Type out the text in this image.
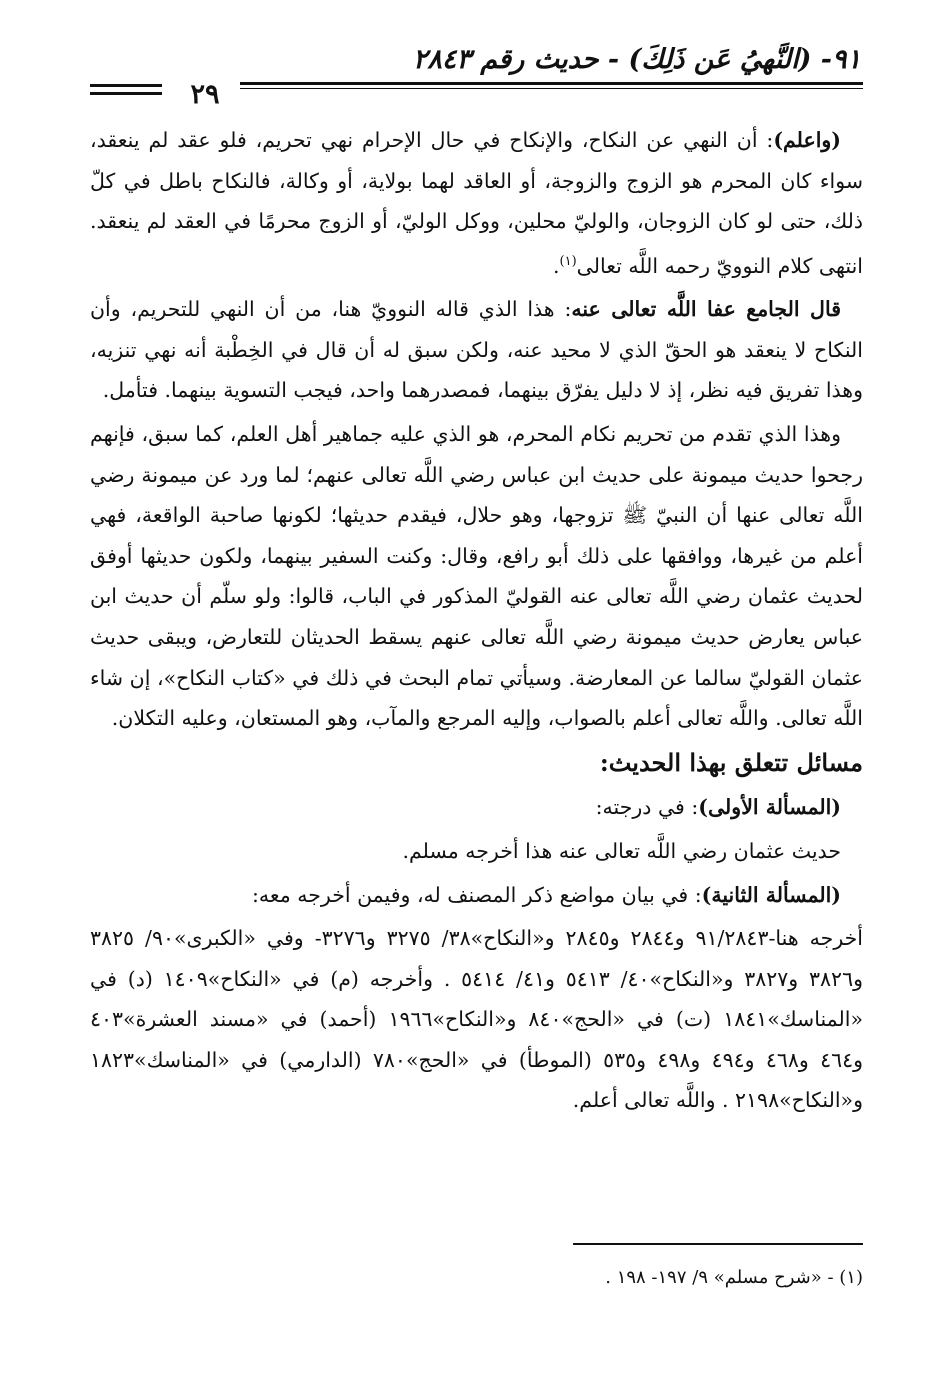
٩١- (النَّهيُ عَن ذَلِكَ) - حديث رقم ٢٨٤٣
٢٩

(واعلم): أن النهي عن النكاح، والإنكاح في حال الإحرام نهي تحريم، فلو عقد لم ينعقد، سواء كان المحرم هو الزوج والزوجة، أو العاقد لهما بولاية، أو وكالة، فالنكاح باطل في كلّ ذلك، حتى لو كان الزوجان، والوليّ محلين، ووكل الوليّ، أو الزوج محرمًا في العقد لم ينعقد. انتهى كلام النوويّ رحمه اللَّه تعالى$^{(١)}$.

قال الجامع عفا اللَّه تعالى عنه: هذا الذي قاله النوويّ هنا، من أن النهي للتحريم، وأن النكاح لا ينعقد هو الحقّ الذي لا محيد عنه، ولكن سبق له أن قال في الخِطْبة أنه نهي تنزيه، وهذا تفريق فيه نظر، إذ لا دليل يفرّق بينهما، فمصدرهما واحد، فيجب التسوية بينهما. فتأمل.

وهذا الذي تقدم من تحريم نكام المحرم، هو الذي عليه جماهير أهل العلم، كما سبق، فإنهم رجحوا حديث ميمونة على حديث ابن عباس رضي اللَّه تعالى عنهم؛ لما ورد عن ميمونة رضي اللَّه تعالى عنها أن النبيّ ﷺ تزوجها، وهو حلال، فيقدم حديثها؛ لكونها صاحبة الواقعة، فهي أعلم من غيرها، ووافقها على ذلك أبو رافع، وقال: وكنت السفير بينهما، ولكون حديثها أوفق لحديث عثمان رضي اللَّه تعالى عنه القوليّ المذكور في الباب، قالوا: ولو سلّم أن حديث ابن عباس يعارض حديث ميمونة رضي اللَّه تعالى عنهم يسقط الحديثان للتعارض، ويبقى حديث عثمان القوليّ سالما عن المعارضة. وسيأتي تمام البحث في ذلك في «كتاب النكاح»، إن شاء اللَّه تعالى. واللَّه تعالى أعلم بالصواب، وإليه المرجع والمآب، وهو المستعان، وعليه التكلان.

مسائل تتعلق بهذا الحديث:

(المسألة الأولى): في درجته:

حديث عثمان رضي اللَّه تعالى عنه هذا أخرجه مسلم.

(المسألة الثانية): في بيان مواضع ذكر المصنف له، وفيمن أخرجه معه:

أخرجه هنا-٩١/٢٨٤٣ و٢٨٤٤ و٢٨٤٥ و«النكاح»٣٨/ ٣٢٧٥ و٣٢٧٦- وفي «الكبرى»٩٠/ ٣٨٢٥ و٣٨٢٦ و٣٨٢٧ و«النكاح»٤٠/ ٥٤١٣ و٤١/ ٥٤١٤ . وأخرجه (م) في «النكاح»١٤٠٩ (د) في «المناسك»١٨٤١ (ت) في «الحج»٨٤٠ و«النكاح»١٩٦٦ (أحمد) في «مسند العشرة»٤٠٣ و٤٦٤ و٤٦٨ و٤٩٤ و٤٩٨ و٥٣٥ (الموطأ) في «الحج»٧٨٠ (الدارمي) في «المناسك»١٨٢٣ و«النكاح»٢١٩٨ . واللَّه تعالى أعلم.

(١) - «شرح مسلم» ٩/ ١٩٧- ١٩٨ .
